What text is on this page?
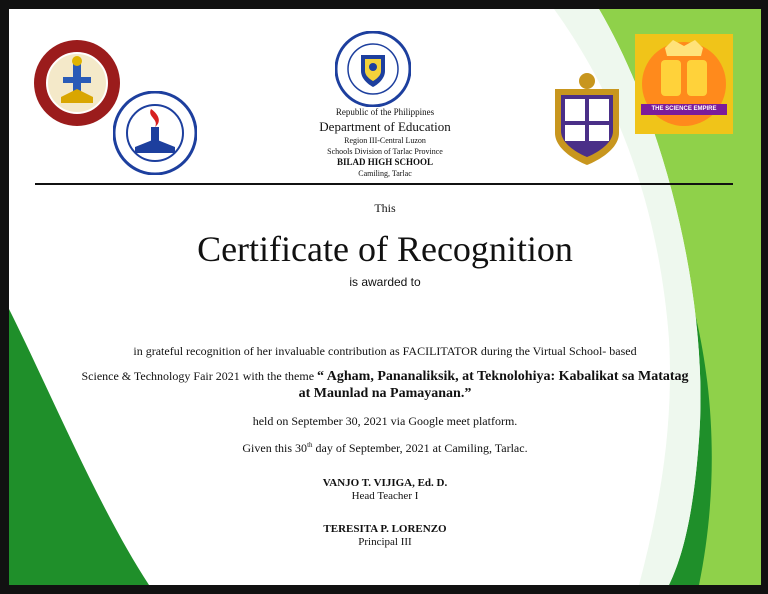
THE SCIENCE EMPIRE
Republic of the Philippines
Department of Education
Region III-Central Luzon
Schools Division of Tarlac Province
BILAD HIGH SCHOOL
Camiling, Tarlac
This
Certificate of Recognition
is awarded to
in grateful recognition of her invaluable contribution as FACILITATOR during the Virtual School- based
Science & Technology Fair 2021 with the theme “ Agham, Pananaliksik, at Teknolohiya: Kabalikat sa Matatag
at Maunlad na Pamayanan.”
held on September 30, 2021 via Google meet platform.
Given this 30th day of September, 2021 at Camiling, Tarlac.
VANJO T. VIJIGA, Ed. D.
Head Teacher I
TERESITA P. LORENZO
Principal III
